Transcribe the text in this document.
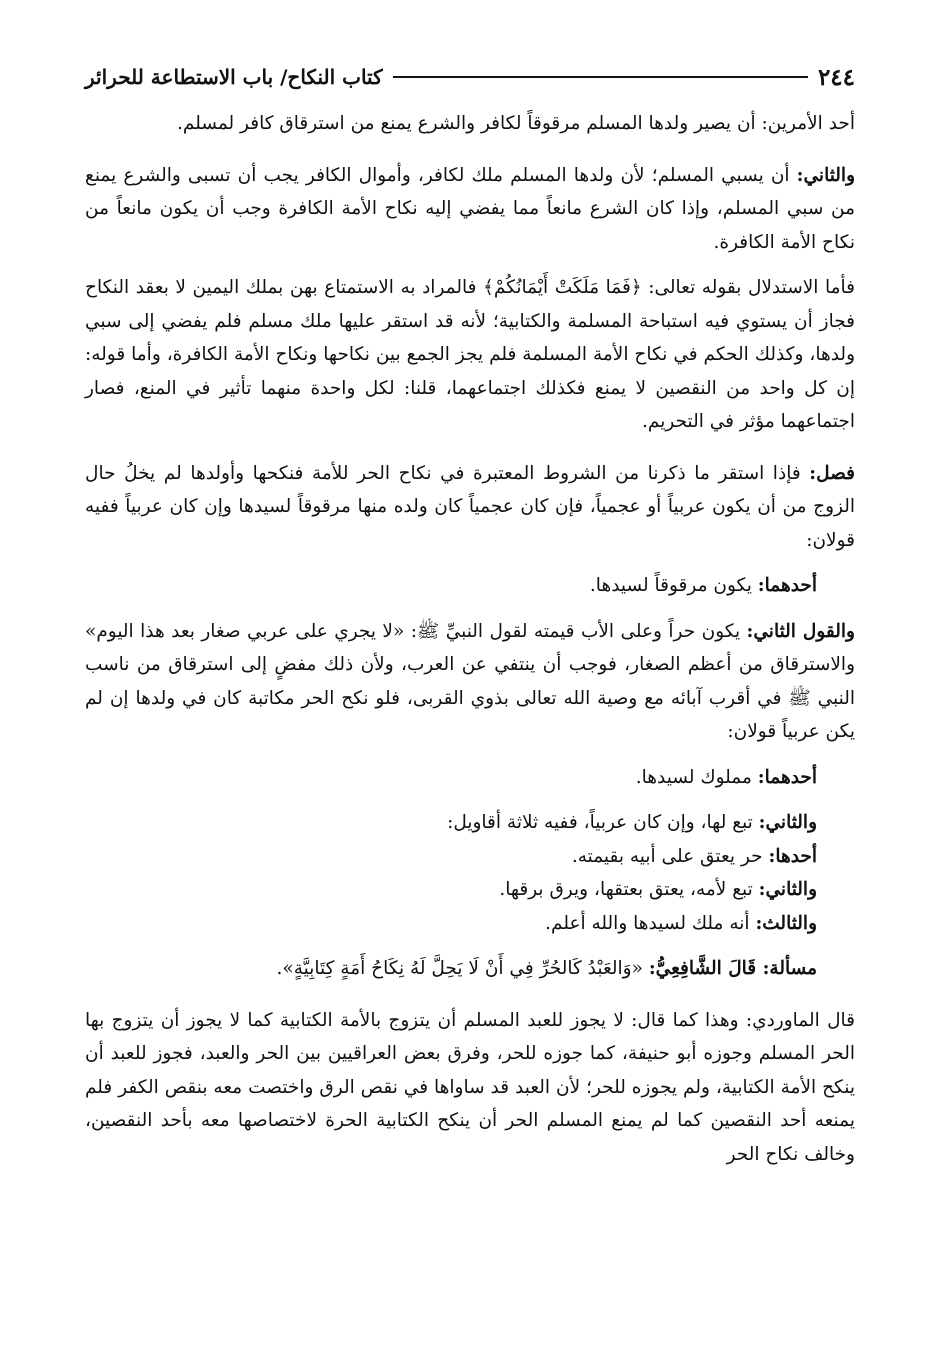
٢٤٤
كتاب النكاح/ باب الاستطاعة للحرائر

أحد الأمرين: أن يصير ولدها المسلم مرقوقاً لكافر والشرع يمنع من استرقاق كافر لمسلم.

والثاني: أن يسبي المسلم؛ لأن ولدها المسلم ملك لكافر، وأموال الكافر يجب أن تسبى والشرع يمنع من سبي المسلم، وإذا كان الشرع مانعاً مما يفضي إليه نكاح الأمة الكافرة وجب أن يكون مانعاً من نكاح الأمة الكافرة.

فأما الاستدلال بقوله تعالى: ﴿فَمَا مَلَكَتْ أَيْمَانُكُمْ﴾ فالمراد به الاستمتاع بهن بملك اليمين لا بعقد النكاح فجاز أن يستوي فيه استباحة المسلمة والكتابية؛ لأنه قد استقر عليها ملك مسلم فلم يفضي إلى سبي ولدها، وكذلك الحكم في نكاح الأمة المسلمة فلم يجز الجمع بين نكاحها ونكاح الأمة الكافرة، وأما قوله: إن كل واحد من النقصين لا يمنع فكذلك اجتماعهما، قلنا: لكل واحدة منهما تأثير في المنع، فصار اجتماعهما مؤثر في التحريم.

فصل: فإذا استقر ما ذكرنا من الشروط المعتبرة في نكاح الحر للأمة فنكحها وأولدها لم يخلُ حال الزوج من أن يكون عربياً أو عجمياً، فإن كان عجمياً كان ولده منها مرقوقاً لسيدها وإن كان عربياً ففيه قولان:

أحدهما: يكون مرقوقاً لسيدها.

والقول الثاني: يكون حراً وعلى الأب قيمته لقول النبيِّ ﷺ: «لا يجري على عربي صغار بعد هذا اليوم» والاسترقاق من أعظم الصغار، فوجب أن ينتفي عن العرب، ولأن ذلك مفضٍ إلى استرقاق من ناسب النبي ﷺ في أقرب آبائه مع وصية الله تعالى بذوي القربى، فلو نكح الحر مكاتبة كان في ولدها إن لم يكن عربياً قولان:

أحدهما: مملوك لسيدها.

والثاني: تبع لها، وإن كان عربياً، ففيه ثلاثة أقاويل:

أحدها: حر يعتق على أبيه بقيمته.

والثاني: تبع لأمه، يعتق بعتقها، ويرق برقها.

والثالث: أنه ملك لسيدها والله أعلم.

مسألة: قَالَ الشَّافِعِيُّ: «وَالعَبْدُ كَالحُرِّ فِي أَنْ لَا يَحِلَّ لَهُ نِكَاحُ أَمَةٍ كِتَابِيَّةٍ».

قال الماوردي: وهذا كما قال: لا يجوز للعبد المسلم أن يتزوج بالأمة الكتابية كما لا يجوز أن يتزوج بها الحر المسلم وجوزه أبو حنيفة، كما جوزه للحر، وفرق بعض العراقيين بين الحر والعبد، فجوز للعبد أن ينكح الأمة الكتابية، ولم يجوزه للحر؛ لأن العبد قد ساواها في نقص الرق واختصت معه بنقص الكفر فلم يمنعه أحد النقصين كما لم يمنع المسلم الحر أن ينكح الكتابية الحرة لاختصاصها معه بأحد النقصين، وخالف نكاح الحر
